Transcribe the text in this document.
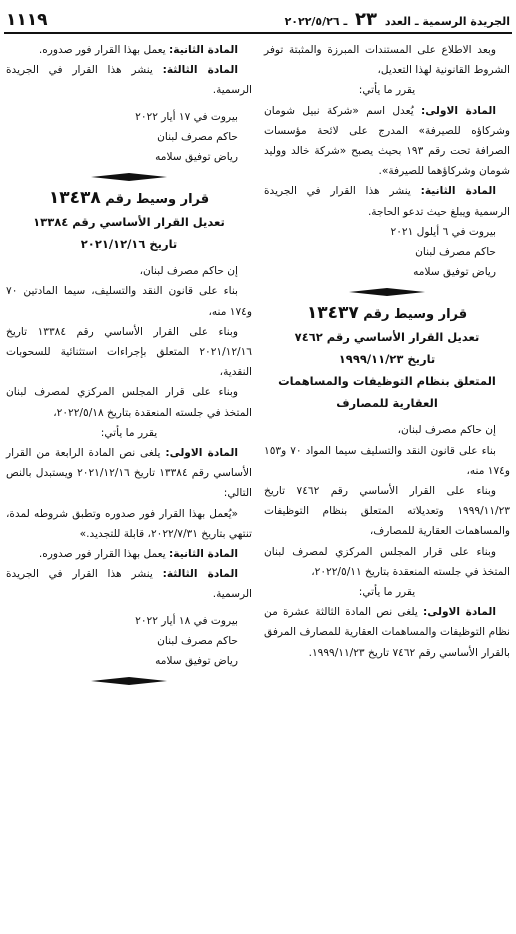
الجريدة الرسمية ـ العدد ٢٣ ـ ٢٠٢٢/٥/٢٦
١١١٩

وبعد الاطلاع على المستندات المبرزة والمثبتة توفر الشروط القانونية لهذا التعديل،

يقرر ما يأتي:

المادة الاولى: يُعدل اسم «شركة نبيل شومان وشركاؤه للصيرفة» المدرج على لائحة مؤسسات الصرافة تحت رقم ١٩٣ بحيث يصبح «شركة خالد ووليد شومان وشركاؤهما للصيرفة».

المادة الثانية: ينشر هذا القرار في الجريدة الرسمية ويبلغ حيث تدعو الحاجة.

بيروت في ٦ أيلول ٢٠٢١

حاكم مصرف لبنان

رياض توفيق سلامه

قرار وسيط رقم ١٣٤٣٧
تعديل القرار الأساسي رقم ٧٤٦٢
تاريخ ١٩٩٩/١١/٢٣
المتعلق بنظام التوظيفات والمساهمات
العقارية للمصارف

إن حاكم مصرف لبنان،

بناء على قانون النقد والتسليف سيما المواد ٧٠ و١٥٣ و١٧٤ منه،

وبناء على القرار الأساسي رقم ٧٤٦٢ تاريخ ١٩٩٩/١١/٢٣ وتعديلاته المتعلق بنظام التوظيفات والمساهمات العقارية للمصارف،

وبناء على قرار المجلس المركزي لمصرف لبنان المتخذ في جلسته المنعقدة بتاريخ ٢٠٢٢/٥/١١،

يقرر ما يأتي:

المادة الاولى: يلغى نص المادة الثالثة عشرة من نظام التوظيفات والمساهمات العقارية للمصارف المرفق بالقرار الأساسي رقم ٧٤٦٢ تاريخ ١٩٩٩/١١/٢٣.

المادة الثانية: يعمل بهذا القرار فور صدوره.

المادة الثالثة: ينشر هذا القرار في الجريدة الرسمية.

بيروت في ١٧ أيار ٢٠٢٢

حاكم مصرف لبنان

رياض توفيق سلامه

قرار وسيط رقم ١٣٤٣٨
تعديل القرار الأساسي رقم ١٣٣٨٤
تاريخ ٢٠٢١/١٢/١٦

إن حاكم مصرف لبنان،

بناء على قانون النقد والتسليف، سيما المادتين ٧٠ و١٧٤ منه،

وبناء على القرار الأساسي رقم ١٣٣٨٤ تاريخ ٢٠٢١/١٢/١٦ المتعلق بإجراءات استثنائية للسحوبات النقدية،

وبناء على قرار المجلس المركزي لمصرف لبنان المتخذ في جلسته المنعقدة بتاريخ ٢٠٢٢/٥/١٨،

يقرر ما يأتي:

المادة الاولى: يلغى نص المادة الرابعة من القرار الأساسي رقم ١٣٣٨٤ تاريخ ٢٠٢١/١٢/١٦ ويستبدل بالنص التالي:

«يُعمل بهذا القرار فور صدوره وتطبق شروطه لمدة، تنتهي بتاريخ ٢٠٢٢/٧/٣١، قابلة للتجديد.»

المادة الثانية: يعمل بهذا القرار فور صدوره.

المادة الثالثة: ينشر هذا القرار في الجريدة الرسمية.

بيروت في ١٨ أيار ٢٠٢٢

حاكم مصرف لبنان

رياض توفيق سلامه
